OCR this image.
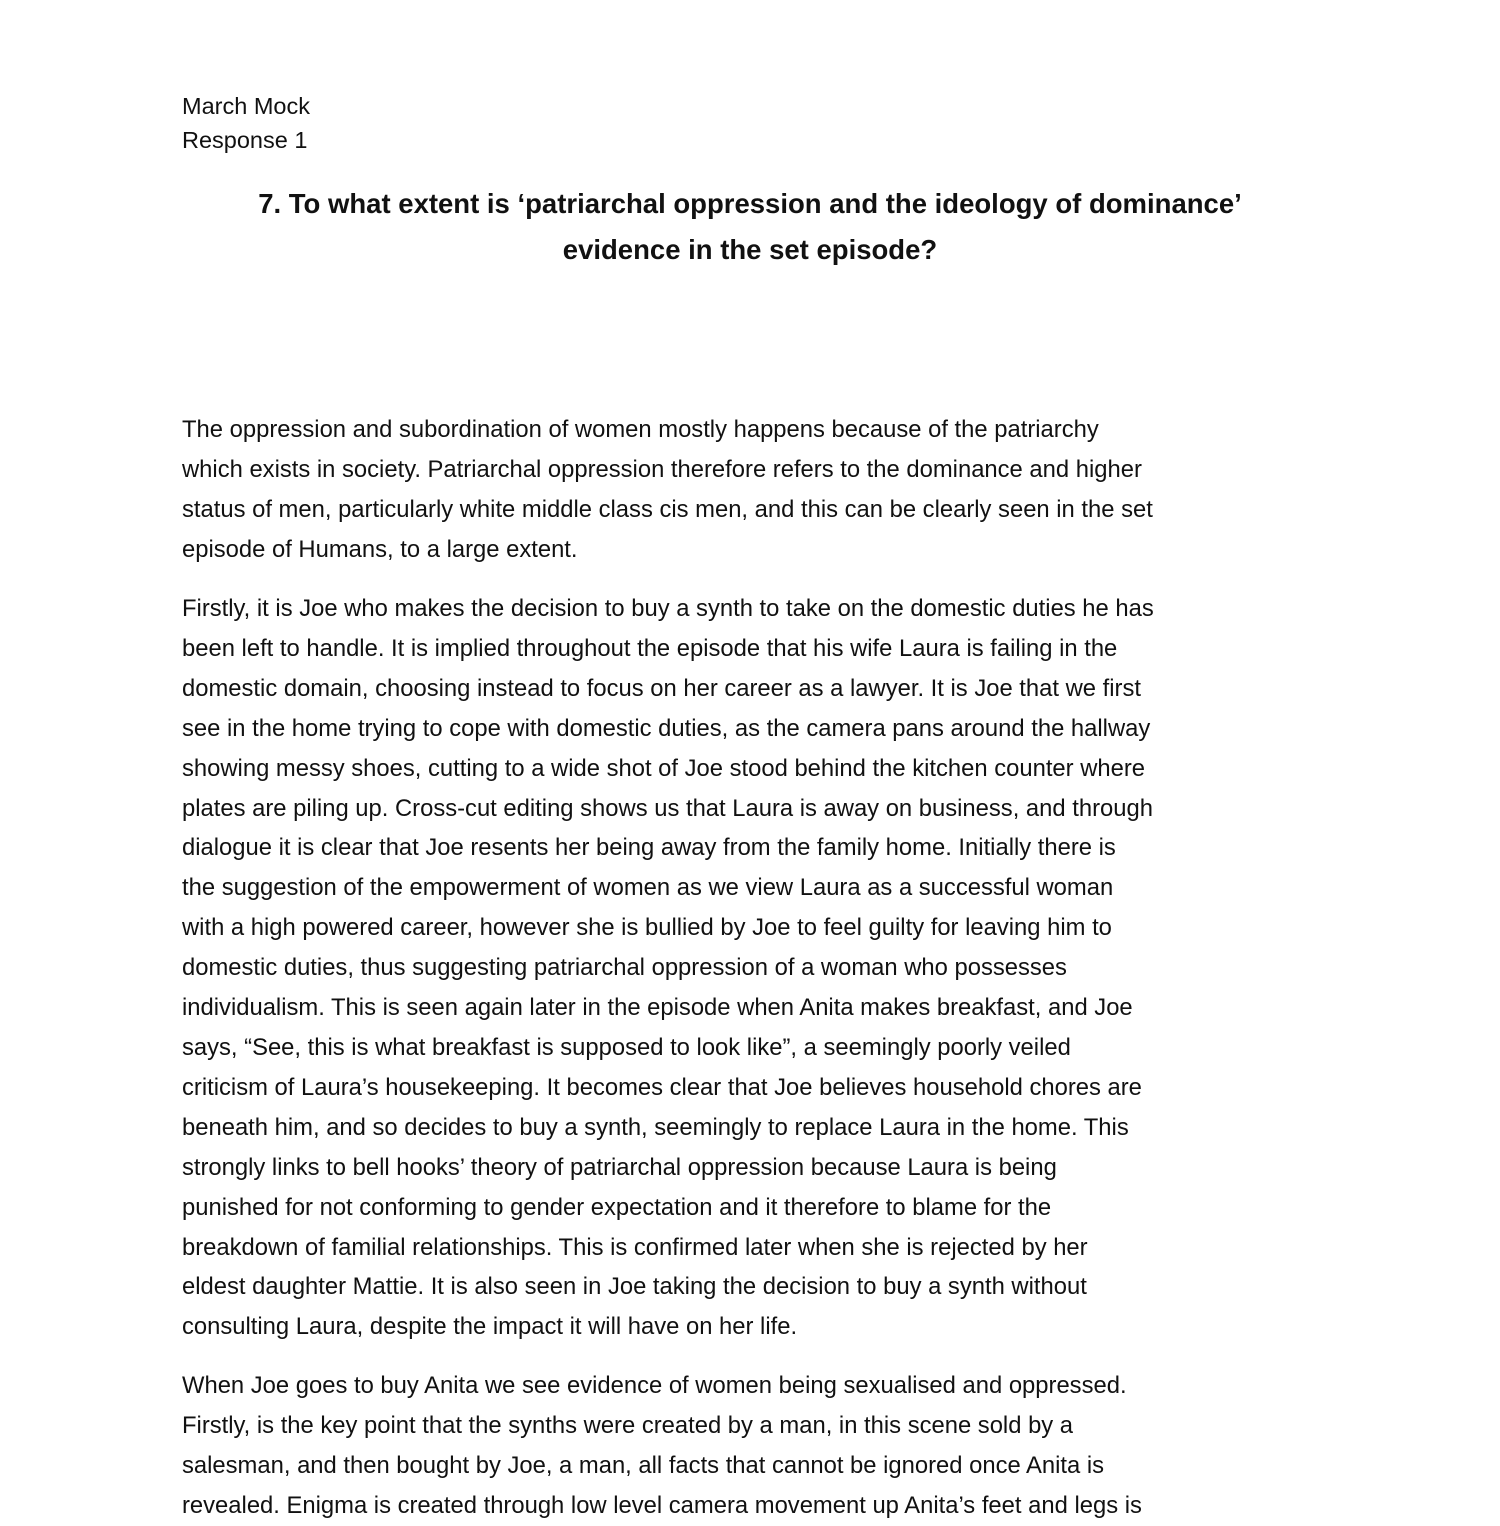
March Mock
Response 1
7. To what extent is ‘patriarchal oppression and the ideology of dominance’
evidence in the set episode?
The oppression and subordination of women mostly happens because of the patriarchy
which exists in society. Patriarchal oppression therefore refers to the dominance and higher
status of men, particularly white middle class cis men, and this can be clearly seen in the set
episode of Humans, to a large extent.
Firstly, it is Joe who makes the decision to buy a synth to take on the domestic duties he has
been left to handle. It is implied throughout the episode that his wife Laura is failing in the
domestic domain, choosing instead to focus on her career as a lawyer. It is Joe that we first
see in the home trying to cope with domestic duties, as the camera pans around the hallway
showing messy shoes, cutting to a wide shot of Joe stood behind the kitchen counter where
plates are piling up. Cross-cut editing shows us that Laura is away on business, and through
dialogue it is clear that Joe resents her being away from the family home. Initially there is
the suggestion of the empowerment of women as we view Laura as a successful woman
with a high powered career, however she is bullied by Joe to feel guilty for leaving him to
domestic duties, thus suggesting patriarchal oppression of a woman who possesses
individualism. This is seen again later in the episode when Anita makes breakfast, and Joe
says, “See, this is what breakfast is supposed to look like”, a seemingly poorly veiled
criticism of Laura’s housekeeping. It becomes clear that Joe believes household chores are
beneath him, and so decides to buy a synth, seemingly to replace Laura in the home. This
strongly links to bell hooks’ theory of patriarchal oppression because Laura is being
punished for not conforming to gender expectation and it therefore to blame for the
breakdown of familial relationships. This is confirmed later when she is rejected by her
eldest daughter Mattie. It is also seen in Joe taking the decision to buy a synth without
consulting Laura, despite the impact it will have on her life.
When Joe goes to buy Anita we see evidence of women being sexualised and oppressed.
Firstly, is the key point that the synths were created by a man, in this scene sold by a
salesman, and then bought by Joe, a man, all facts that cannot be ignored once Anita is
revealed. Enigma is created through low level camera movement up Anita’s feet and legs is
